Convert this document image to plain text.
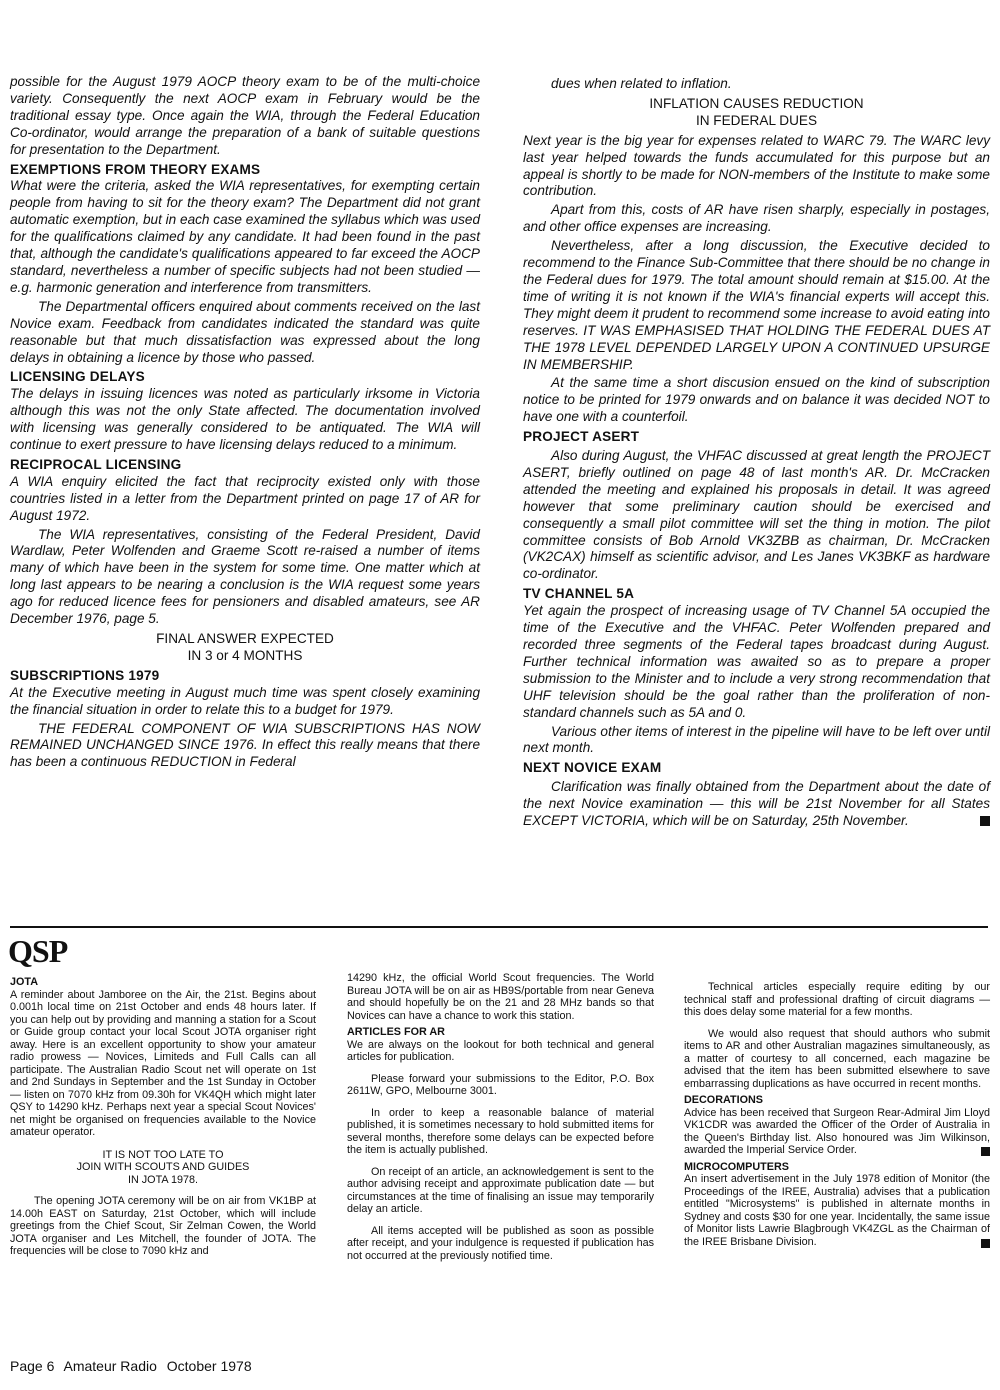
possible for the August 1979 AOCP theory exam to be of the multi-choice variety. Consequently the next AOCP exam in February would be the traditional essay type. Once again the WIA, through the Federal Education Co-ordinator, would arrange the preparation of a bank of suitable questions for presentation to the Department.

EXEMPTIONS FROM THEORY EXAMS

What were the criteria, asked the WIA representatives, for exempting certain people from having to sit for the theory exam? The Department did not grant automatic exemption, but in each case examined the syllabus which was used for the qualifications claimed by any candidate. It had been found in the past that, although the candidate's qualifications appeared to far exceed the AOCP standard, nevertheless a number of specific subjects had not been studied — e.g. harmonic generation and interference from transmitters.

The Departmental officers enquired about comments received on the last Novice exam. Feedback from candidates indicated the standard was quite reasonable but that much dissatisfaction was expressed about the long delays in obtaining a licence by those who passed.

LICENSING DELAYS

The delays in issuing licences was noted as particularly irksome in Victoria although this was not the only State affected. The documentation involved with licensing was generally considered to be antiquated. The WIA will continue to exert pressure to have licensing delays reduced to a minimum.

RECIPROCAL LICENSING

A WIA enquiry elicited the fact that reciprocity existed only with those countries listed in a letter from the Department printed on page 17 of AR for August 1972.

The WIA representatives, consisting of the Federal President, David Wardlaw, Peter Wolfenden and Graeme Scott re-raised a number of items many of which have been in the system for some time. One matter which at long last appears to be nearing a conclusion is the WIA request some years ago for reduced licence fees for pensioners and disabled amateurs, see AR December 1976, page 5.

FINAL ANSWER EXPECTED
IN 3 or 4 MONTHS
SUBSCRIPTIONS 1979

At the Executive meeting in August much time was spent closely examining the financial situation in order to relate this to a budget for 1979.

THE FEDERAL COMPONENT OF WIA SUBSCRIPTIONS HAS NOW REMAINED UNCHANGED SINCE 1976. In effect this really means that there has been a continuous REDUCTION in Federal

dues when related to inflation.

INFLATION CAUSES REDUCTION
IN FEDERAL DUES

Next year is the big year for expenses related to WARC 79. The WARC levy last year helped towards the funds accumulated for this purpose but an appeal is shortly to be made for NON-members of the Institute to make some contribution.

Apart from this, costs of AR have risen sharply, especially in postages, and other office expenses are increasing.

Nevertheless, after a long discussion, the Executive decided to recommend to the Finance Sub-Committee that there should be no change in the Federal dues for 1979. The total amount should remain at $15.00. At the time of writing it is not known if the WIA's financial experts will accept this. They might deem it prudent to recommend some increase to avoid eating into reserves. IT WAS EMPHASISED THAT HOLDING THE FEDERAL DUES AT THE 1978 LEVEL DEPENDED LARGELY UPON A CONTINUED UPSURGE IN MEMBERSHIP.

At the same time a short discusion ensued on the kind of subscription notice to be printed for 1979 onwards and on balance it was decided NOT to have one with a counterfoil.

PROJECT ASERT

Also during August, the VHFAC discussed at great length the PROJECT ASERT, briefly outlined on page 48 of last month's AR. Dr. McCracken attended the meeting and explained his proposals in detail. It was agreed however that some preliminary caution should be exercised and consequently a small pilot committee will set the thing in motion. The pilot committee consists of Bob Arnold VK3ZBB as chairman, Dr. McCracken (VK2CAX) himself as scientific advisor, and Les Janes VK3BKF as hardware co-ordinator.

TV CHANNEL 5A

Yet again the prospect of increasing usage of TV Channel 5A occupied the time of the Executive and the VHFAC. Peter Wolfenden prepared and recorded three segments of the Federal tapes broadcast during August. Further technical information was awaited so as to prepare a proper submission to the Minister and to include a very strong recommendation that UHF television should be the goal rather than the proliferation of non-standard channels such as 5A and 0.

Various other items of interest in the pipeline will have to be left over until next month.

NEXT NOVICE EXAM

Clarification was finally obtained from the Department about the date of the next Novice examination — this will be 21st November for all States EXCEPT VICTORIA, which will be on Saturday, 25th November.

QSP
JOTA

A reminder about Jamboree on the Air, the 21st. Begins about 0.001h local time on 21st October and ends 48 hours later. If you can help out by providing and manning a station for a Scout or Guide group contact your local Scout JOTA organiser right away. Here is an excellent opportunity to show your amateur radio prowess — Novices, Limiteds and Full Calls can all participate. The Australian Radio Scout net will operate on 1st and 2nd Sundays in September and the 1st Sunday in October — listen on 7070 kHz from 09.30h for VK4QH which might later QSY to 14290 kHz. Perhaps next year a special Scout Novices' net might be organised on frequencies available to the Novice amateur operator.

IT IS NOT TOO LATE TO
JOIN WITH SCOUTS AND GUIDES
IN JOTA 1978.

The opening JOTA ceremony will be on air from VK1BP at 14.00h EAST on Saturday, 21st October, which will include greetings from the Chief Scout, Sir Zelman Cowen, the World JOTA organiser and Les Mitchell, the founder of JOTA. The frequencies will be close to 7090 kHz and

14290 kHz, the official World Scout frequencies. The World Bureau JOTA will be on air as HB9S/portable from near Geneva and should hopefully be on the 21 and 28 MHz bands so that Novices can have a chance to work this station.

ARTICLES FOR AR

We are always on the lookout for both technical and general articles for publication.

Please forward your submissions to the Editor, P.O. Box 2611W, GPO, Melbourne 3001.

In order to keep a reasonable balance of material published, it is sometimes necessary to hold submitted items for several months, therefore some delays can be expected before the item is actually published.

On receipt of an article, an acknowledgement is sent to the author advising receipt and approximate publication date — but circumstances at the time of finalising an issue may temporarily delay an article.

All items accepted will be published as soon as possible after receipt, and your indulgence is requested if publication has not occurred at the previously notified time.

Technical articles especially require editing by our technical staff and professional drafting of circuit diagrams — this does delay some material for a few months.

We would also request that should authors who submit items to AR and other Australian magazines simultaneously, as a matter of courtesy to all concerned, each magazine be advised that the item has been submitted elsewhere to save embarrassing duplications as have occurred in recent months.

DECORATIONS

Advice has been received that Surgeon Rear-Admiral Jim Lloyd VK1CDR was awarded the Officer of the Order of Australia in the Queen's Birthday list. Also honoured was Jim Wilkinson, awarded the Imperial Service Order.

MICROCOMPUTERS

An insert advertisement in the July 1978 edition of Monitor (the Proceedings of the IREE, Australia) advises that a publication entitled "Microsystems" is published in alternate months in Sydney and costs $30 for one year. Incidentally, the same issue of Monitor lists Lawrie Blagbrough VK4ZGL as the Chairman of the IREE Brisbane Division.

Page 6 Amateur Radio October 1978
